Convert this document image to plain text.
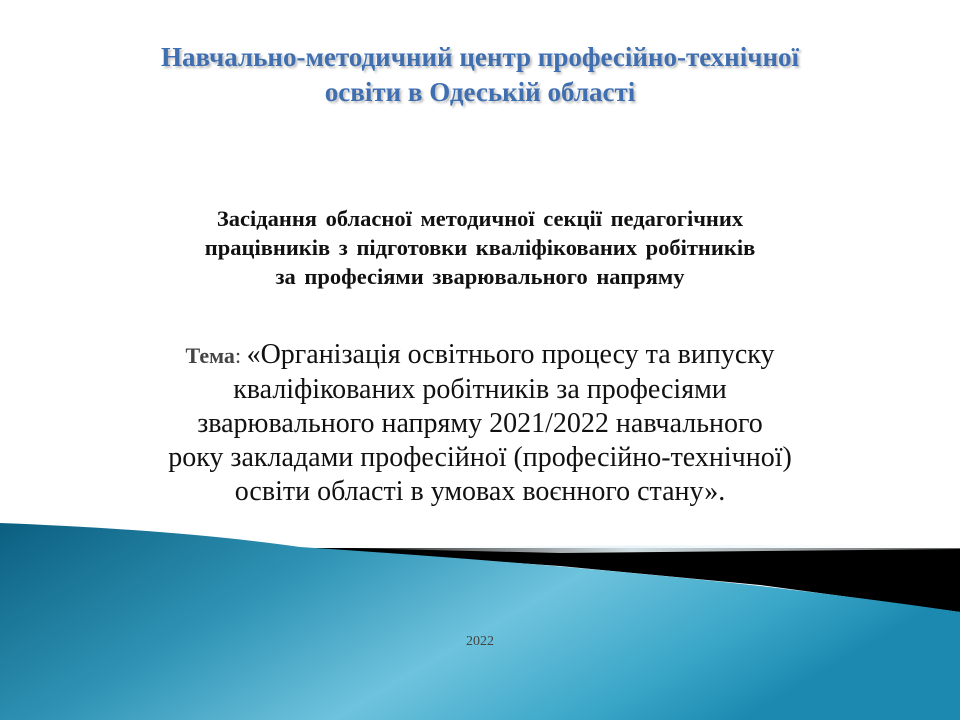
Навчально-методичний центр професійно-технічної
освіти в Одеській області
Засідання обласної методичної секції педагогічних
працівників з підготовки кваліфікованих робітників
за професіями зварювального напряму
Тема: «Організація освітнього процесу та випуску
кваліфікованих робітників за професіями
зварювального напряму 2021/2022 навчального
року закладами професійної (професійно-технічної)
освіти області в умовах воєнного стану».
2022
